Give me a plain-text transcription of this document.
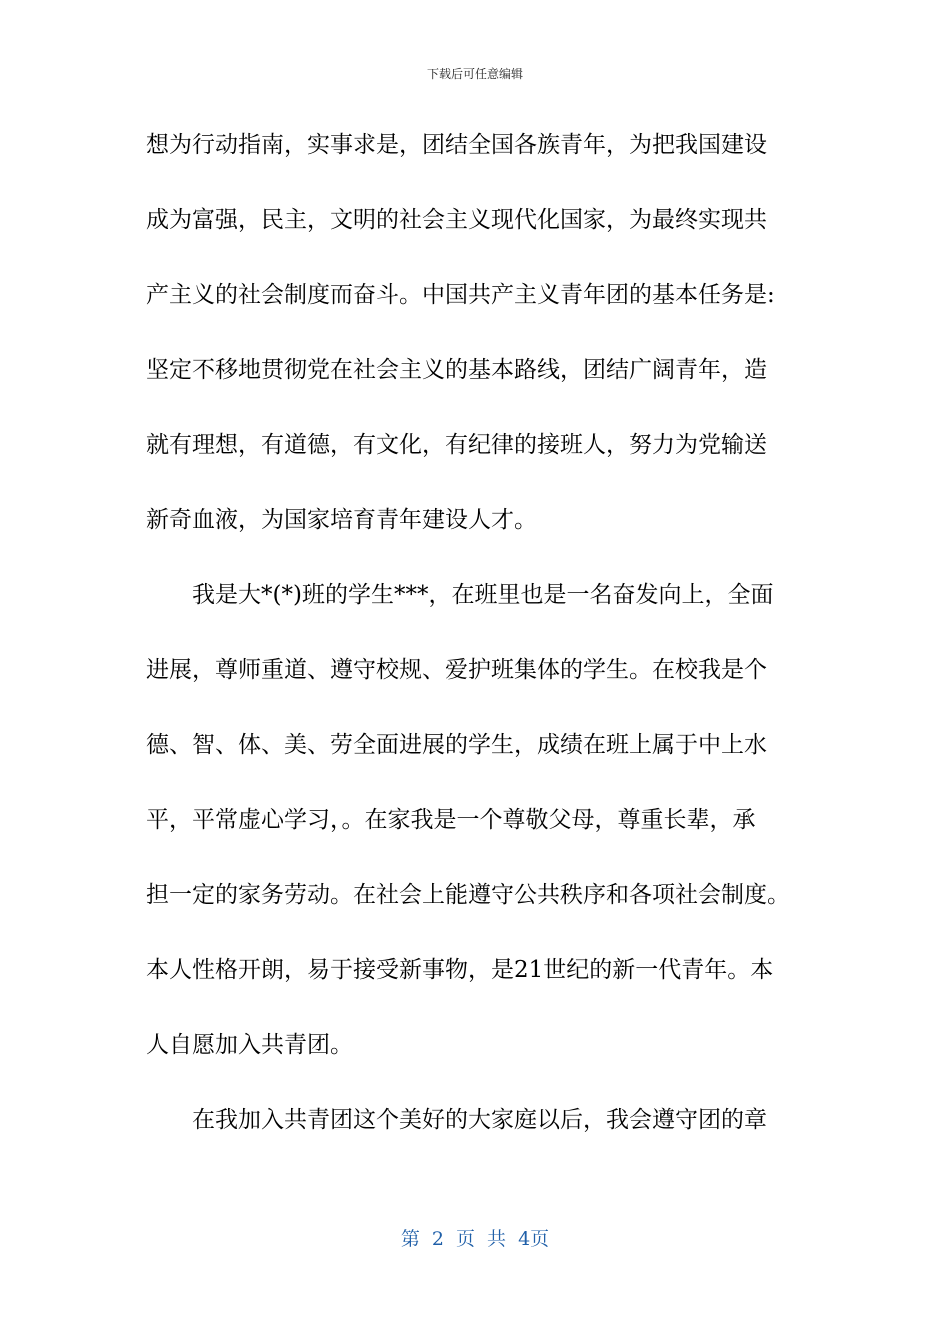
下载后可任意编辑
想为行动指南，实事求是，团结全国各族青年，为把我国建设
成为富强，民主，文明的社会主义现代化国家，为最终实现共
产主义的社会制度而奋斗。中国共产主义青年团的基本任务是:
坚定不移地贯彻党在社会主义的基本路线，团结广阔青年，造
就有理想，有道德，有文化，有纪律的接班人，努力为党输送
新奇血液，为国家培育青年建设人才。
我是大*(*)班的学生***，在班里也是一名奋发向上，全面
进展，尊师重道、遵守校规、爱护班集体的学生。在校我是个
德、智、体、美、劳全面进展的学生，成绩在班上属于中上水
平，平常虚心学习，。在家我是一个尊敬父母，尊重长辈，承
担一定的家务劳动。在社会上能遵守公共秩序和各项社会制度。
本人性格开朗，易于接受新事物，是21世纪的新一代青年。本
人自愿加入共青团。
在我加入共青团这个美好的大家庭以后，我会遵守团的章
第 2 页 共 4页
